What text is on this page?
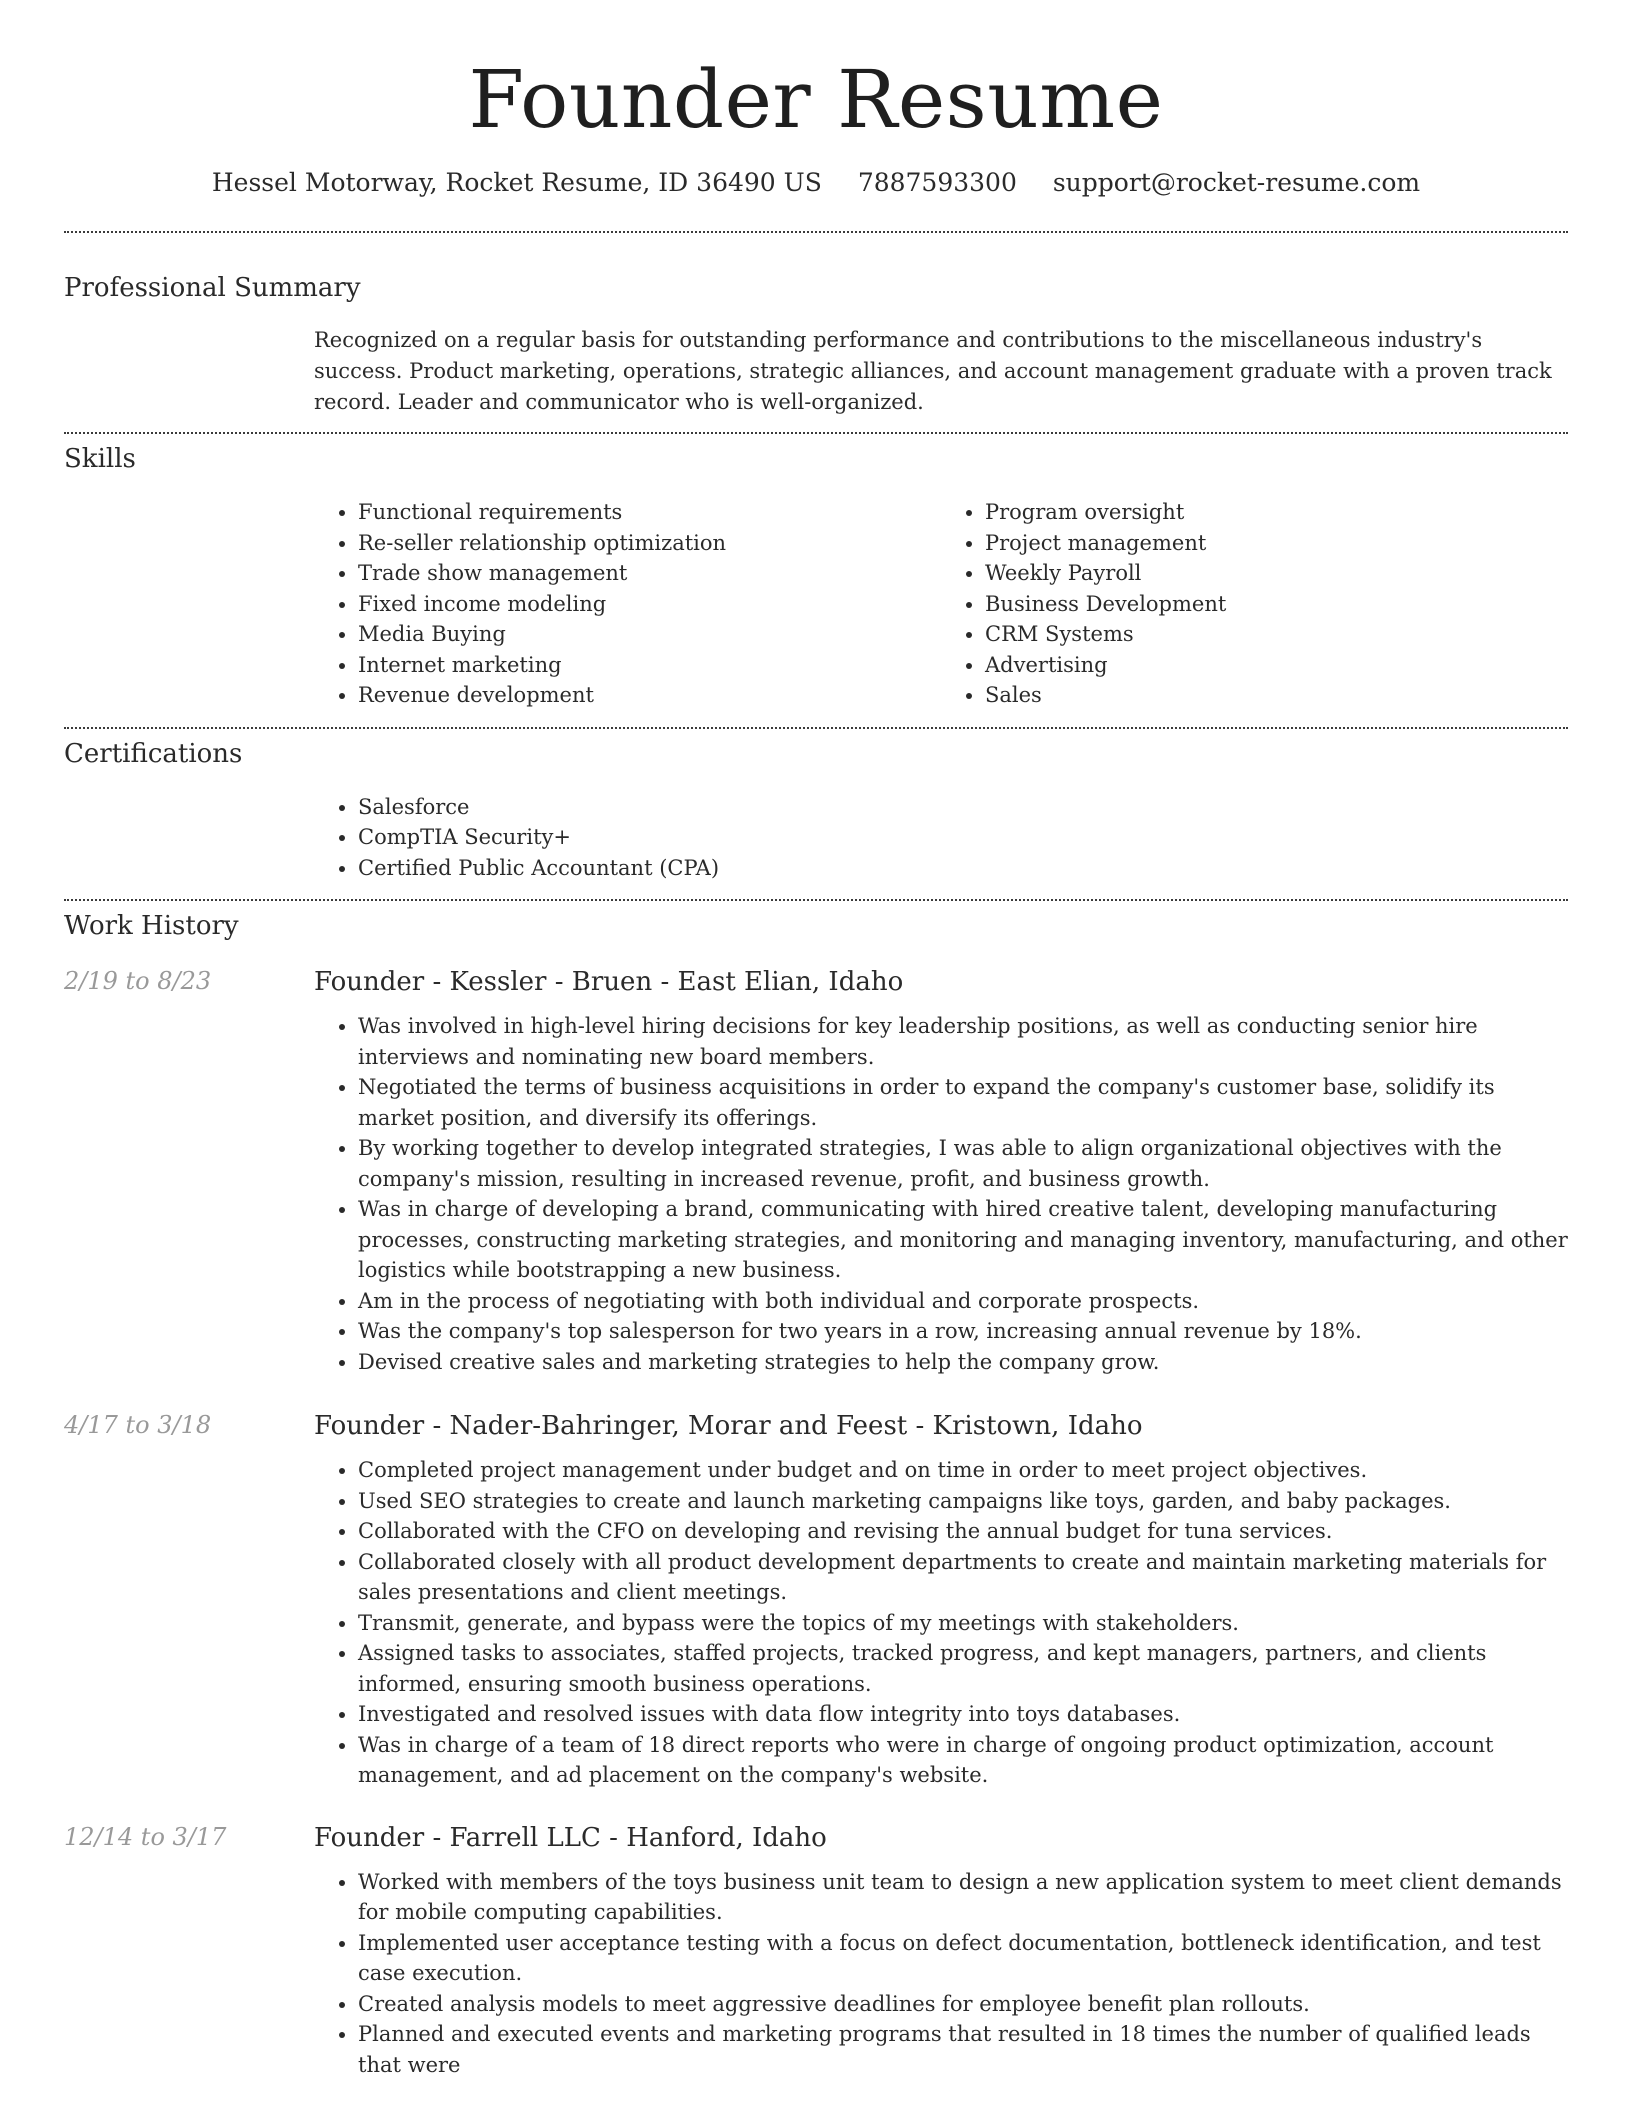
Founder Resume
Hessel Motorway, Rocket Resume, ID 36490 US 7887593300 support@rocket-resume.com
Professional Summary
Recognized on a regular basis for outstanding performance and contributions to the miscellaneous industry's success. Product marketing, operations, strategic alliances, and account management graduate with a proven track record. Leader and communicator who is well-organized.
Skills
• Functional requirements
• Re-seller relationship optimization
• Trade show management
• Fixed income modeling
• Media Buying
• Internet marketing
• Revenue development
• Program oversight
• Project management
• Weekly Payroll
• Business Development
• CRM Systems
• Advertising
• Sales
Certifications
• Salesforce
• CompTIA Security+
• Certified Public Accountant (CPA)
Work History
2/19 to 8/23	Founder - Kessler - Bruen - East Elian, Idaho
• Was involved in high-level hiring decisions for key leadership positions, as well as conducting senior hire interviews and nominating new board members.
• Negotiated the terms of business acquisitions in order to expand the company's customer base, solidify its market position, and diversify its offerings.
• By working together to develop integrated strategies, I was able to align organizational objectives with the company's mission, resulting in increased revenue, profit, and business growth.
• Was in charge of developing a brand, communicating with hired creative talent, developing manufacturing processes, constructing marketing strategies, and monitoring and managing inventory, manufacturing, and other logistics while bootstrapping a new business.
• Am in the process of negotiating with both individual and corporate prospects.
• Was the company's top salesperson for two years in a row, increasing annual revenue by 18%.
• Devised creative sales and marketing strategies to help the company grow.
4/17 to 3/18	Founder - Nader-Bahringer, Morar and Feest - Kristown, Idaho
• Completed project management under budget and on time in order to meet project objectives.
• Used SEO strategies to create and launch marketing campaigns like toys, garden, and baby packages.
• Collaborated with the CFO on developing and revising the annual budget for tuna services.
• Collaborated closely with all product development departments to create and maintain marketing materials for sales presentations and client meetings.
• Transmit, generate, and bypass were the topics of my meetings with stakeholders.
• Assigned tasks to associates, staffed projects, tracked progress, and kept managers, partners, and clients informed, ensuring smooth business operations.
• Investigated and resolved issues with data flow integrity into toys databases.
• Was in charge of a team of 18 direct reports who were in charge of ongoing product optimization, account management, and ad placement on the company's website.
12/14 to 3/17	Founder - Farrell LLC - Hanford, Idaho
• Worked with members of the toys business unit team to design a new application system to meet client demands for mobile computing capabilities.
• Implemented user acceptance testing with a focus on defect documentation, bottleneck identification, and test case execution.
• Created analysis models to meet aggressive deadlines for employee benefit plan rollouts.
• Planned and executed events and marketing programs that resulted in 18 times the number of qualified leads that were
